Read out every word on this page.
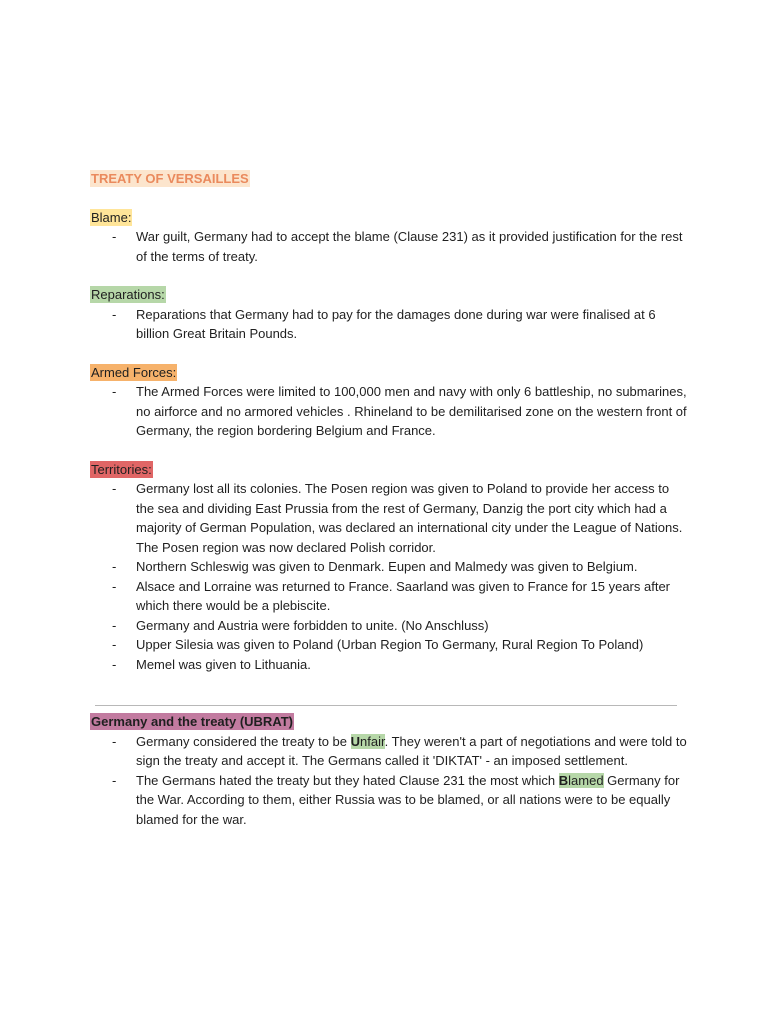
TREATY OF VERSAILLES
Blame:
- War guilt, Germany had to accept the blame (Clause 231) as it provided justification for the rest of the terms of treaty.
Reparations:
- Reparations that Germany had to pay for the damages done during war were finalised at 6 billion Great Britain Pounds.
Armed Forces:
- The Armed Forces were limited to 100,000 men and navy with only 6 battleship, no submarines, no airforce and no armored vehicles . Rhineland to be demilitarised zone on the western front of Germany, the region bordering Belgium and France.
Territories:
- Germany lost all its colonies. The Posen region was given to Poland to provide her access to the sea and dividing East Prussia from the rest of Germany, Danzig the port city which had a majority of German Population, was declared an international city under the League of Nations. The Posen region was now declared Polish corridor.
- Northern Schleswig was given to Denmark. Eupen and Malmedy was given to Belgium.
- Alsace and Lorraine was returned to France. Saarland was given to France for 15 years after which there would be a plebiscite.
- Germany and Austria were forbidden to unite. (No Anschluss)
- Upper Silesia was given to Poland (Urban Region To Germany, Rural Region To Poland)
- Memel was given to Lithuania.
Germany and the treaty (UBRAT)
- Germany considered the treaty to be Unfair. They weren't a part of negotiations and were told to sign the treaty and accept it. The Germans called it 'DIKTAT' - an imposed settlement.
- The Germans hated the treaty but they hated Clause 231 the most which Blamed Germany for the War. According to them, either Russia was to be blamed, or all nations were to be equally blamed for the war.
